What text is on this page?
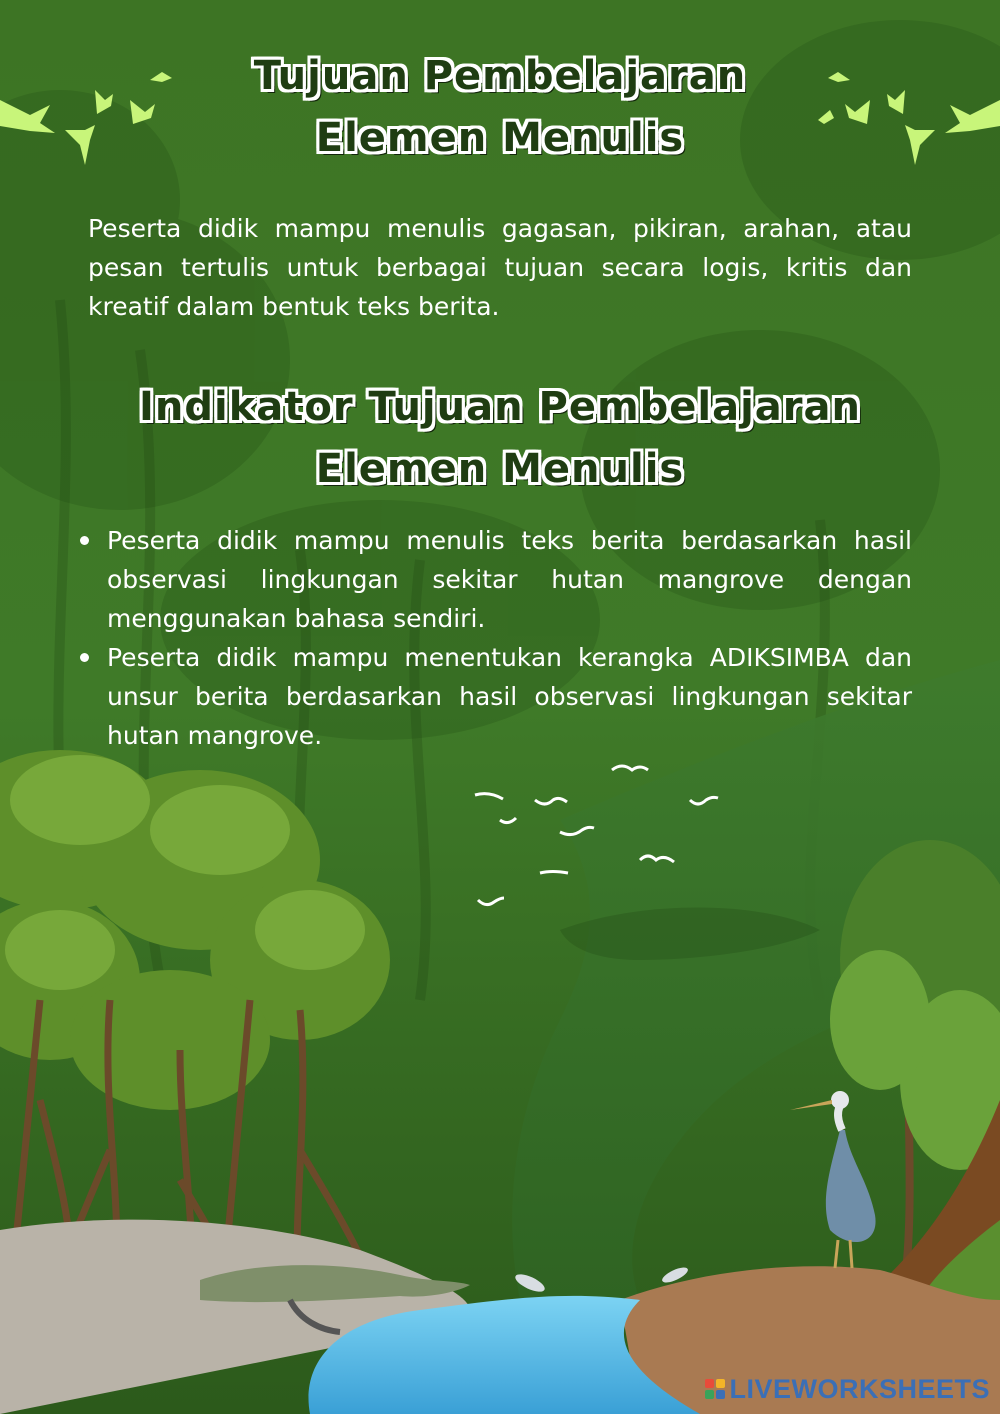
Tujuan Pembelajaran
Elemen Menulis
Peserta didik mampu menulis gagasan, pikiran, arahan, atau pesan tertulis untuk berbagai tujuan secara logis, kritis dan kreatif dalam bentuk teks berita.
Indikator Tujuan Pembelajaran
Elemen Menulis
Peserta didik mampu menulis teks berita berdasarkan hasil observasi lingkungan sekitar hutan mangrove dengan menggunakan bahasa sendiri.
Peserta didik mampu menentukan kerangka ADIKSIMBA dan unsur berita berdasarkan hasil observasi lingkungan sekitar hutan mangrove.
LIVEWORKSHEETS
